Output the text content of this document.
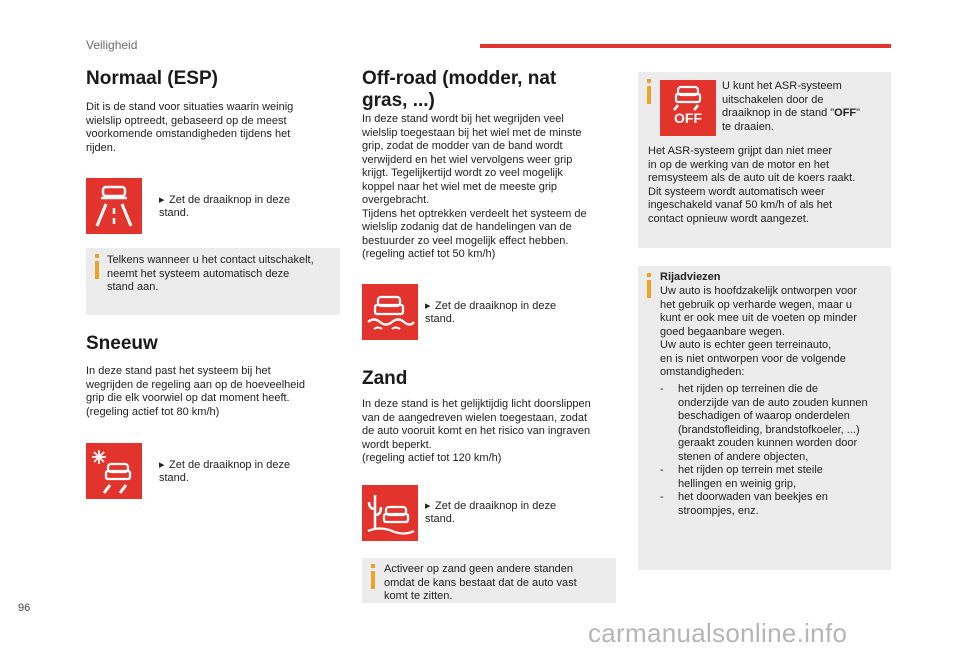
Veiligheid
Normaal (ESP)

Dit is de stand voor situaties waarin weinig
wielslip optreedt, gebaseerd op de meest
voorkomende omstandigheden tijdens het
rijden.

▸ Zet de draaiknop in deze
stand.

Telkens wanneer u het contact uitschakelt,
neemt het systeem automatisch deze
stand aan.

Sneeuw

In deze stand past het systeem bij het
wegrijden de regeling aan op de hoeveelheid
grip die elk voorwiel op dat moment heeft.
(regeling actief tot 80 km/h)

▸ Zet de draaiknop in deze
stand.

Off-road (modder, nat
gras, ...)

In deze stand wordt bij het wegrijden veel
wielslip toegestaan bij het wiel met de minste
grip, zodat de modder van de band wordt
verwijderd en het wiel vervolgens weer grip
krijgt. Tegelijkertijd wordt zo veel mogelijk
koppel naar het wiel met de meeste grip
overgebracht.
Tijdens het optrekken verdeelt het systeem de
wielslip zodanig dat de handelingen van de
bestuurder zo veel mogelijk effect hebben.
(regeling actief tot 50 km/h)

▸ Zet de draaiknop in deze
stand.

Zand

In deze stand is het gelijktijdig licht doorslippen
van de aangedreven wielen toegestaan, zodat
de auto vooruit komt en het risico van ingraven
wordt beperkt.
(regeling actief tot 120 km/h)

▸ Zet de draaiknop in deze
stand.

Activeer op zand geen andere standen
omdat de kans bestaat dat de auto vast
komt te zitten.

OFF

U kunt het ASR-systeem
uitschakelen door de
draaiknop in de stand "OFF"
te draaien.

Het ASR-systeem grijpt dan niet meer
in op de werking van de motor en het
remsysteem als de auto uit de koers raakt.
Dit systeem wordt automatisch weer
ingeschakeld vanaf 50 km/h of als het
contact opnieuw wordt aangezet.

Rijadviezen

Uw auto is hoofdzakelijk ontworpen voor
het gebruik op verharde wegen, maar u
kunt er ook mee uit de voeten op minder
goed begaanbare wegen.
Uw auto is echter geen terreinauto,
en is niet ontworpen voor de volgende
omstandigheden:

- het rijden op terreinen die de
onderzijde van de auto zouden kunnen
beschadigen of waarop onderdelen
(brandstofleiding, brandstofkoeler, ...)
geraakt zouden kunnen worden door
stenen of andere objecten,
- het rijden op terrein met steile
hellingen en weinig grip,
- het doorwaden van beekjes en
stroompjes, enz.
96
carmanualsonline.info
